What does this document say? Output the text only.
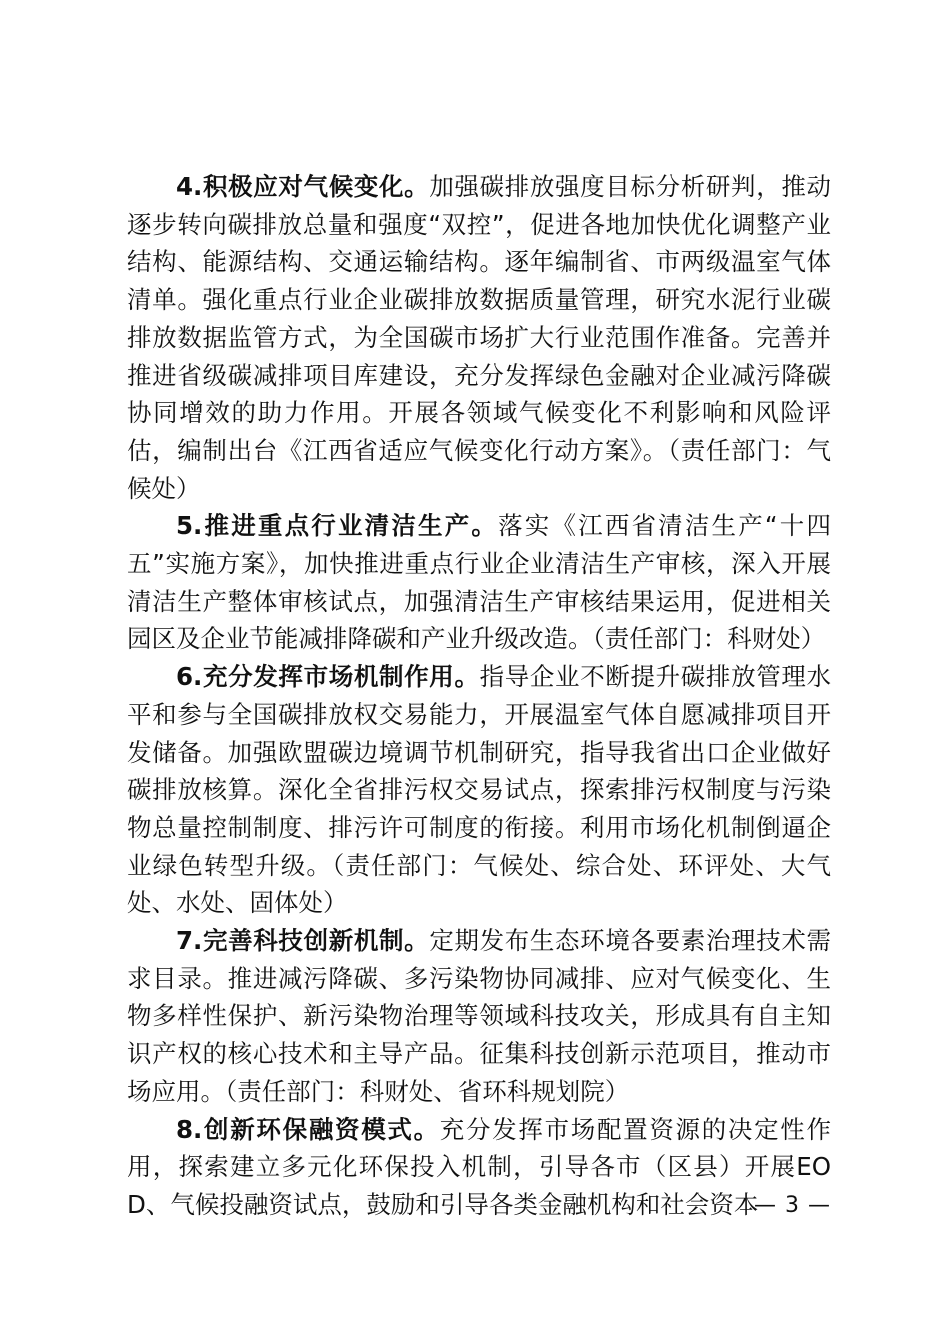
4.积极应对气候变化。加强碳排放强度目标分析研判，推动逐步转向碳排放总量和强度“双控”，促进各地加快优化调整产业结构、能源结构、交通运输结构。逐年编制省、市两级温室气体清单。强化重点行业企业碳排放数据质量管理，研究水泥行业碳排放数据监管方式，为全国碳市场扩大行业范围作准备。完善并推进省级碳减排项目库建设，充分发挥绿色金融对企业减污降碳协同增效的助力作用。开展各领域气候变化不利影响和风险评估，编制出台《江西省适应气候变化行动方案》。（责任部门：气候处）

5.推进重点行业清洁生产。落实《江西省清洁生产“十四五”实施方案》，加快推进重点行业企业清洁生产审核，深入开展清洁生产整体审核试点，加强清洁生产审核结果运用，促进相关园区及企业节能减排降碳和产业升级改造。（责任部门：科财处）

6.充分发挥市场机制作用。指导企业不断提升碳排放管理水平和参与全国碳排放权交易能力，开展温室气体自愿减排项目开发储备。加强欧盟碳边境调节机制研究，指导我省出口企业做好碳排放核算。深化全省排污权交易试点，探索排污权制度与污染物总量控制制度、排污许可制度的衔接。利用市场化机制倒逼企业绿色转型升级。（责任部门：气候处、综合处、环评处、大气处、水处、固体处）

7.完善科技创新机制。定期发布生态环境各要素治理技术需求目录。推进减污降碳、多污染物协同减排、应对气候变化、生物多样性保护、新污染物治理等领域科技攻关，形成具有自主知识产权的核心技术和主导产品。征集科技创新示范项目，推动市场应用。（责任部门：科财处、省环科规划院）

8.创新环保融资模式。充分发挥市场配置资源的决定性作用，探索建立多元化环保投入机制，引导各市（区县）开展EOD、气候投融资试点，鼓励和引导各类金融机构和社会资本

— 3 —
